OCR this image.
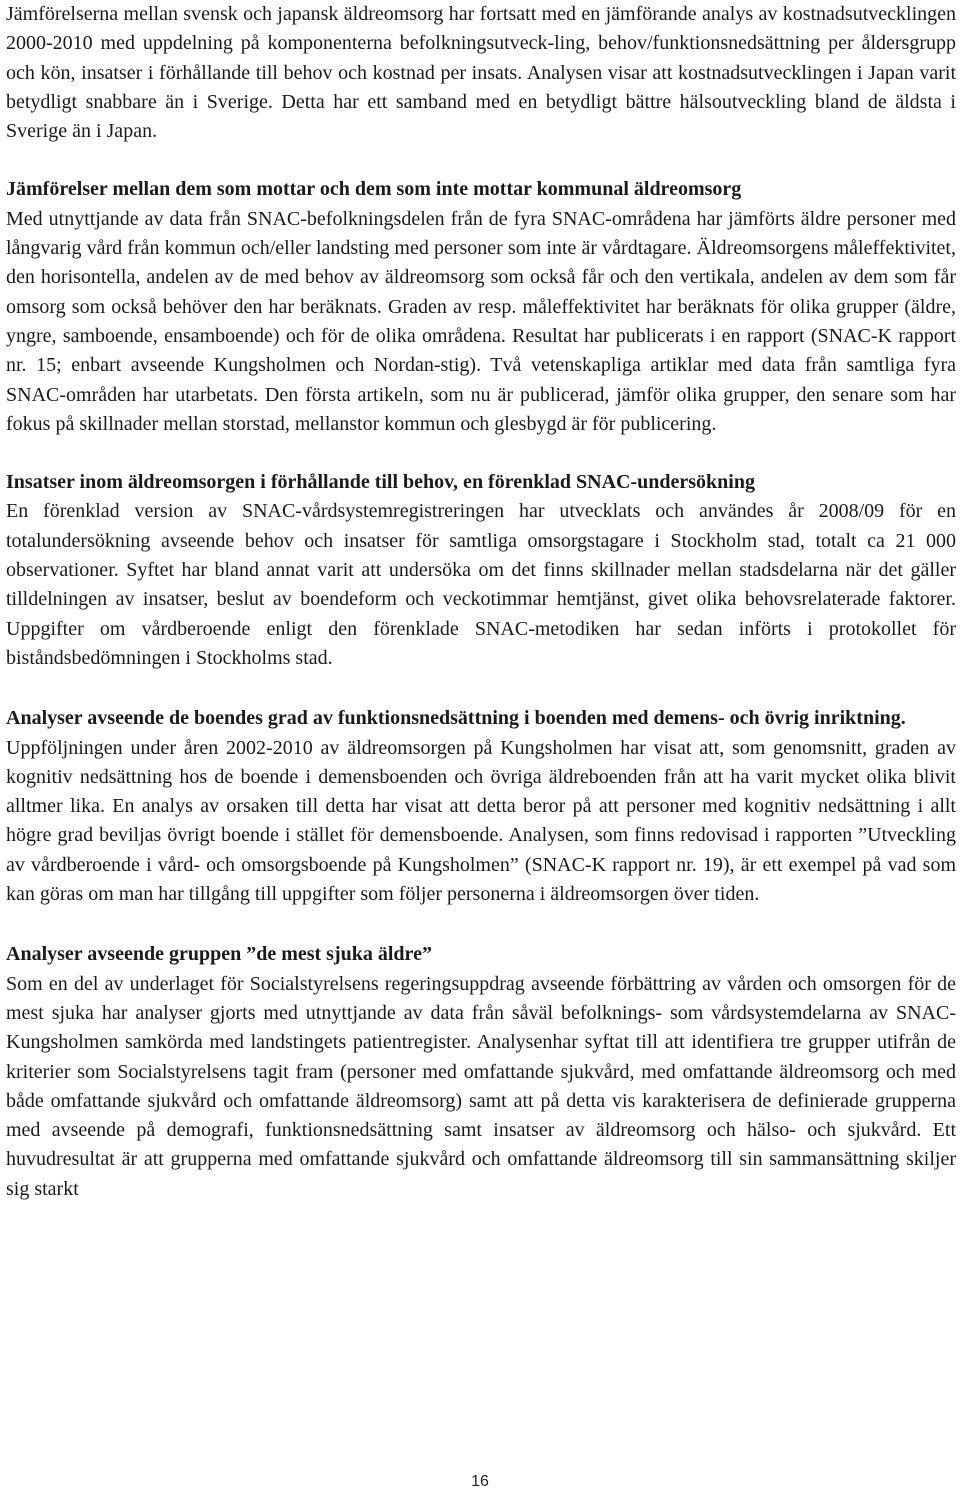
Jämförelserna mellan svensk och japansk äldreomsorg har fortsatt med en jämförande analys av kostnadsutvecklingen 2000-2010 med uppdelning på komponenterna befolkningsutveck-ling, behov/funktionsnedsättning per åldersgrupp och kön, insatser i förhållande till behov och kostnad per insats. Analysen visar att kostnadsutvecklingen i Japan varit betydligt snabbare än i Sverige. Detta har ett samband med en betydligt bättre hälsoutveckling bland de äldsta i Sverige än i Japan.

Jämförelser mellan dem som mottar och dem som inte mottar kommunal äldreomsorg

Med utnyttjande av data från SNAC-befolkningsdelen från de fyra SNAC-områdena har jämförts äldre personer med långvarig vård från kommun och/eller landsting med personer som inte är vårdtagare. Äldreomsorgens måleffektivitet, den horisontella, andelen av de med behov av äldreomsorg som också får och den vertikala, andelen av dem som får omsorg som också behöver den har beräknats. Graden av resp. måleffektivitet har beräknats för olika grupper (äldre, yngre, samboende, ensamboende) och för de olika områdena. Resultat har publicerats i en rapport (SNAC-K rapport nr. 15; enbart avseende Kungsholmen och Nordan-stig). Två vetenskapliga artiklar med data från samtliga fyra SNAC-områden har utarbetats. Den första artikeln, som nu är publicerad, jämför olika grupper, den senare som har fokus på skillnader mellan storstad, mellanstor kommun och glesbygd är för publicering.

Insatser inom äldreomsorgen i förhållande till behov, en förenklad SNAC-undersökning

En förenklad version av SNAC-vårdsystemregistreringen har utvecklats och användes år 2008/09 för en totalundersökning avseende behov och insatser för samtliga omsorgstagare i Stockholm stad, totalt ca 21 000 observationer. Syftet har bland annat varit att undersöka om det finns skillnader mellan stadsdelarna när det gäller tilldelningen av insatser, beslut av boendeform och veckotimmar hemtjänst, givet olika behovsrelaterade faktorer. Uppgifter om vårdberoende enligt den förenklade SNAC-metodiken har sedan införts i protokollet för biståndsbedömningen i Stockholms stad.

Analyser avseende de boendes grad av funktionsnedsättning i boenden med demens- och övrig inriktning.

Uppföljningen under åren 2002-2010 av äldreomsorgen på Kungsholmen har visat att, som genomsnitt, graden av kognitiv nedsättning hos de boende i demensboenden och övriga äldreboenden från att ha varit mycket olika blivit alltmer lika. En analys av orsaken till detta har visat att detta beror på att personer med kognitiv nedsättning i allt högre grad beviljas övrigt boende i stället för demensboende. Analysen, som finns redovisad i rapporten ”Utveckling av vårdberoende i vård- och omsorgsboende på Kungsholmen” (SNAC-K rapport nr. 19), är ett exempel på vad som kan göras om man har tillgång till uppgifter som följer personerna i äldreomsorgen över tiden.

Analyser avseende gruppen ”de mest sjuka äldre”

Som en del av underlaget för Socialstyrelsens regeringsuppdrag avseende förbättring av vården och omsorgen för de mest sjuka har analyser gjorts med utnyttjande av data från såväl befolknings- som vårdsystemdelarna av SNAC-Kungsholmen samkörda med landstingets patientregister. Analysenhar syftat till att identifiera tre grupper utifrån de kriterier som Socialstyrelsens tagit fram (personer med omfattande sjukvård, med omfattande äldreomsorg och med både omfattande sjukvård och omfattande äldreomsorg) samt att på detta vis karakterisera de definierade grupperna med avseende på demografi, funktionsnedsättning samt insatser av äldreomsorg och hälso- och sjukvård. Ett huvudresultat är att grupperna med omfattande sjukvård och omfattande äldreomsorg till sin sammansättning skiljer sig starkt

16
